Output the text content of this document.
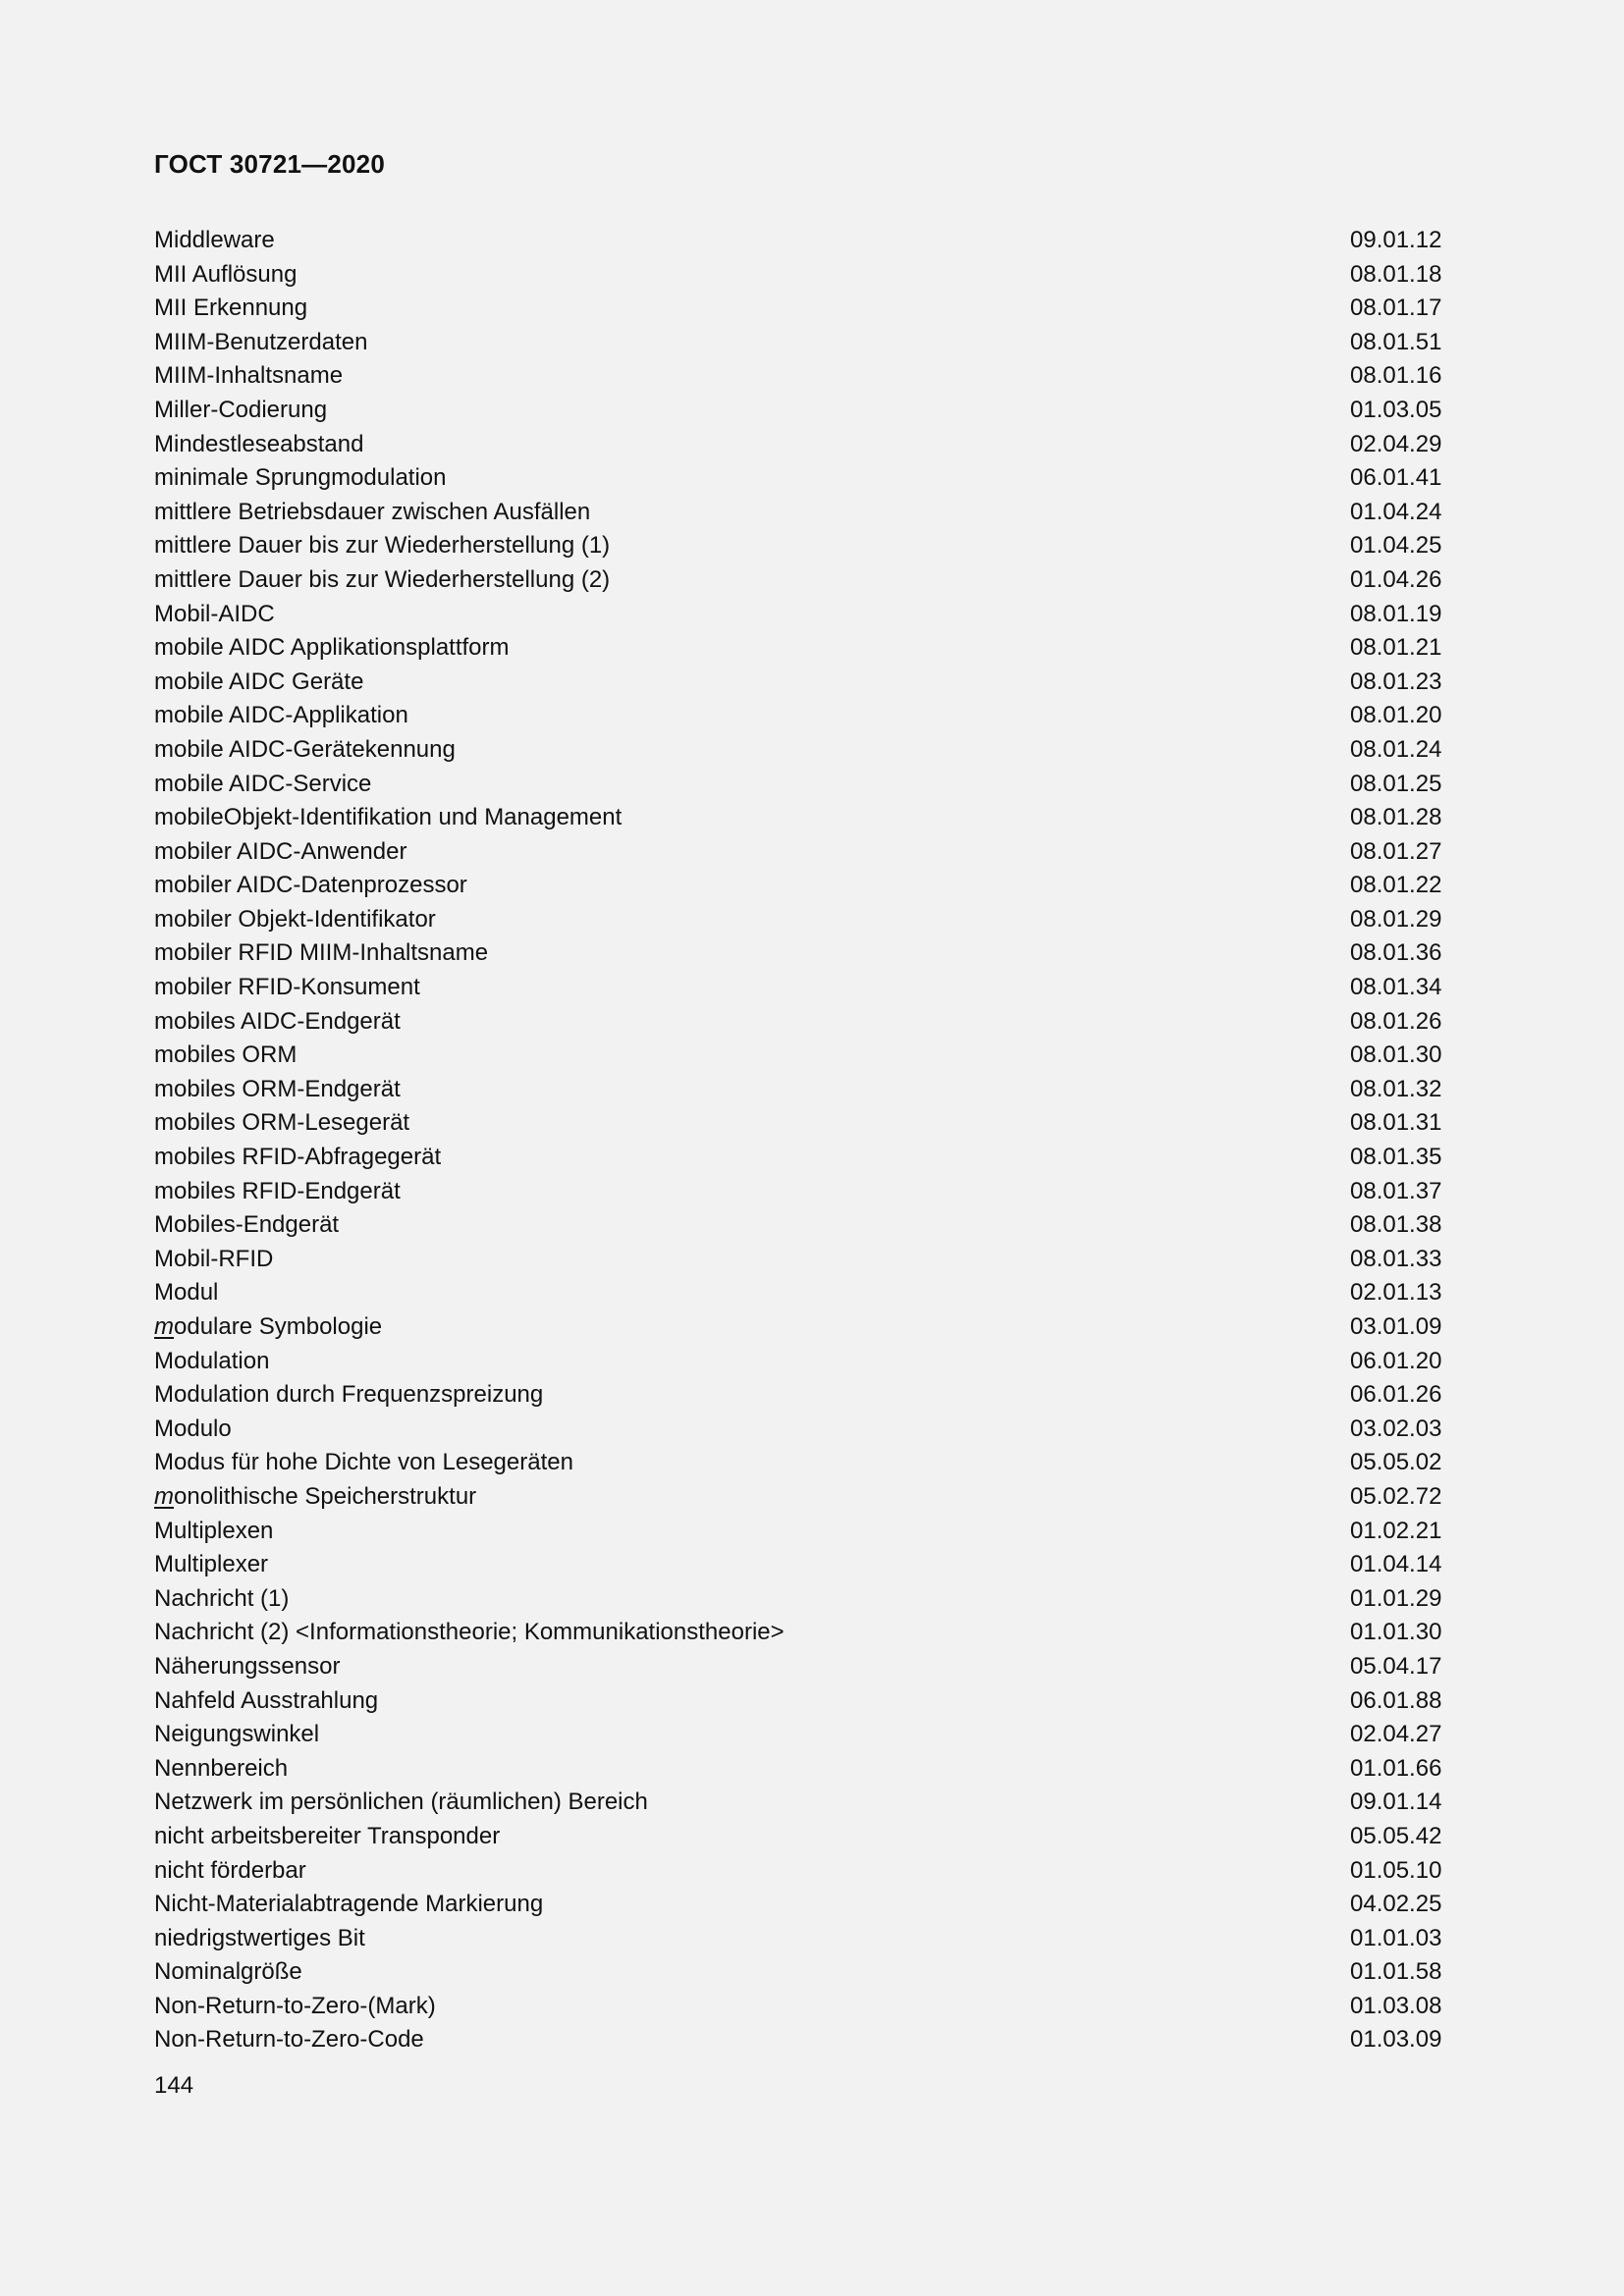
ГОСТ 30721—2020
Middleware	09.01.12
MII Auflösung	08.01.18
MII Erkennung	08.01.17
MIIM-Benutzerdaten	08.01.51
MIIM-Inhaltsname	08.01.16
Miller-Codierung	01.03.05
Mindestleseabstand	02.04.29
minimale Sprungmodulation	06.01.41
mittlere Betriebsdauer zwischen Ausfällen	01.04.24
mittlere Dauer bis zur Wiederherstellung (1)	01.04.25
mittlere Dauer bis zur Wiederherstellung (2)	01.04.26
Mobil-AIDC	08.01.19
mobile AIDC Applikationsplattform	08.01.21
mobile AIDC Geräte	08.01.23
mobile AIDC-Applikation	08.01.20
mobile AIDC-Gerätekennung	08.01.24
mobile AIDC-Service	08.01.25
mobileObjekt-Identifikation und Management	08.01.28
mobiler AIDC-Anwender	08.01.27
mobiler AIDC-Datenprozessor	08.01.22
mobiler Objekt-Identifikator	08.01.29
mobiler RFID MIIM-Inhaltsname	08.01.36
mobiler RFID-Konsument	08.01.34
mobiles AIDC-Endgerät	08.01.26
mobiles ORM	08.01.30
mobiles ORM-Endgerät	08.01.32
mobiles ORM-Lesegerät	08.01.31
mobiles RFID-Abfragegerät	08.01.35
mobiles RFID-Endgerät	08.01.37
Mobiles-Endgerät	08.01.38
Mobil-RFID	08.01.33
Modul	02.01.13
modulare Symbologie	03.01.09
Modulation	06.01.20
Modulation durch Frequenzspreizung	06.01.26
Modulo	03.02.03
Modus für hohe Dichte von Lesegeräten	05.05.02
monolithische Speicherstruktur	05.02.72
Multiplexen	01.02.21
Multiplexer	01.04.14
Nachricht (1)	01.01.29
Nachricht (2) <Informationstheorie; Kommunikationstheorie>	01.01.30
Näherungssensor	05.04.17
Nahfeld Ausstrahlung	06.01.88
Neigungswinkel	02.04.27
Nennbereich	01.01.66
Netzwerk im persönlichen (räumlichen) Bereich	09.01.14
nicht arbeitsbereiter Transponder	05.05.42
nicht förderbar	01.05.10
Nicht-Materialabtragende Markierung	04.02.25
niedrigstwertiges Bit	01.01.03
Nominalgröße	01.01.58
Non-Return-to-Zero-(Mark)	01.03.08
Non-Return-to-Zero-Code	01.03.09
144
